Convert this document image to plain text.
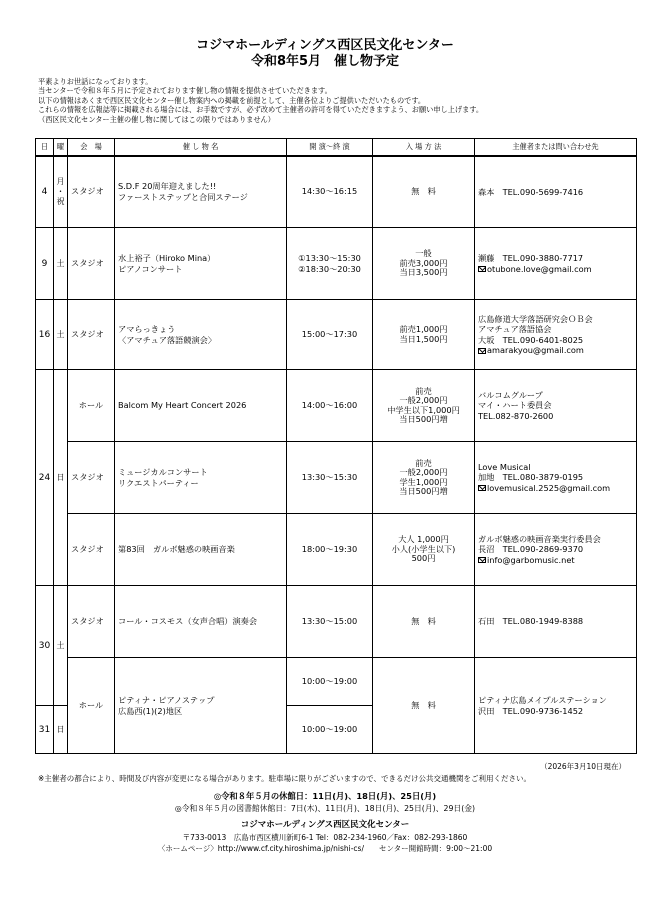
コジマホールディングス西区民文化センター
令和8年5月　催し物予定
平素よりお世話になっております。
当センターで令和８年５月に予定されております催し物の情報を提供させていただきます。
以下の情報はあくまで西区民文化センター催し物案内への掲載を前提として、主催各位よりご提供いただいたものです。
これらの情報を広報誌等に掲載される場合には、お手数ですが、必ず改めて主催者の許可を得ていただきますよう、お願い申し上げます。
（西区民文化センター主催の催し物に関してはこの限りではありません）
日	曜	会　場	催 し 物 名	開 演～終 演	入 場 方 法	主催者または問い合わせ先
4	月
・
祝	スタジオ	S.D.F 20周年迎えました!!
ファーストステップと合同ステージ	14:30～16:15	無　料	森本　TEL.090-5699-7416
9	土	スタジオ	水上裕子（Hiroko Mina）
ピアノコンサート	①13:30～15:30
②18:30～20:30	一般
前売3,000円
当日3,500円	瀬藤　TEL.090-3880-7717
otubone.love@gmail.com

16	土	スタジオ	アマらっきょう
〈アマチュア落語競演会〉	15:00～17:30	前売1,000円
当日1,500円	広島修道大学落語研究会ＯＢ会
アマチュア落語協会
大坂　TEL.090-6401-8025
amarakyou@gmail.com

24	日	ホール	Balcom My Heart Concert 2026	14:00～16:00	前売
一般2,000円
中学生以下1,000円
当日500円増	バルコムグループ
マイ・ハート委員会
TEL.082-870-2600

		スタジオ	ミュージカルコンサート
リクエストパーティー	13:30～15:30	前売
一般2,000円
学生1,000円
当日500円増	Love Musical
加地　TEL.080-3879-0195
lovemusical.2525@gmail.com

		スタジオ	第83回　ガルボ魅惑の映画音楽	18:00～19:30	大人 1,000円
小人(小学生以下)
500円	ガルボ魅惑の映画音楽実行委員会
長沼　TEL.090-2869-9370
info@garbomusic.net

30	土	スタジオ	コール・コスモス（女声合唱）演奏会	13:30～15:00	無　料	石田　TEL.080-1949-8388
		ホール	ピティナ・ピアノステップ
広島西(1)(2)地区	10:00～19:00	無　料	ピティナ広島メイプルステーション
沢田　TEL.090-9736-1452

31	日			10:00～19:00		
（2026年3月10日現在）
※主催者の都合により、時間及び内容が変更になる場合があります。駐車場に限りがございますので、できるだけ公共交通機関をご利用ください。
◎令和８年５月の休館日：11日(月)、18日(月)、25日(月)
◎令和８年５月の図書館休館日：7日(木)、11日(月)、18日(月)、25日(月)、29日(金)
コジマホールディングス西区民文化センター
〒733-0013　広島市西区横川新町6-1 Tel：082-234-1960／Fax：082-293-1860
〈ホームページ〉http://www.cf.city.hiroshima.jp/nishi-cs/　　センター開館時間：9:00～21:00
